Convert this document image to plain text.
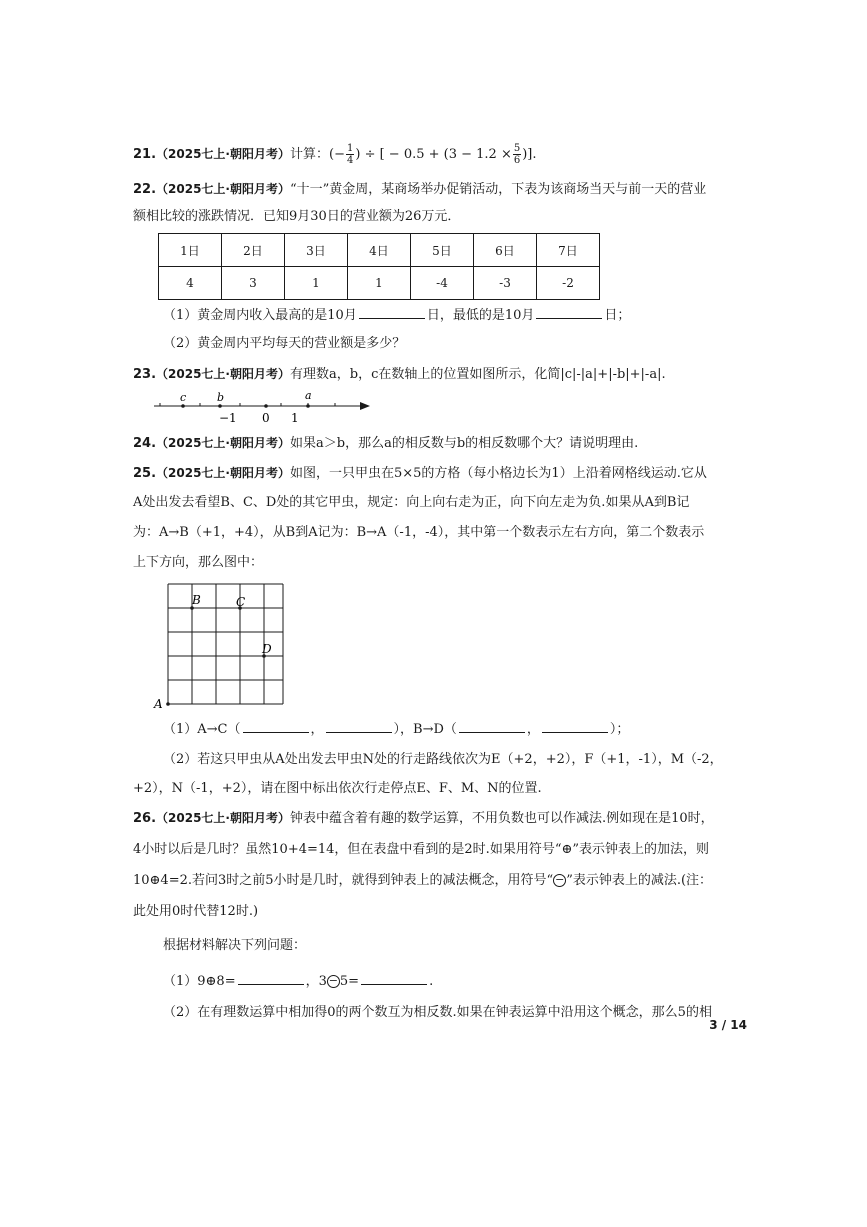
21.（2025七上·朝阳月考）计算：(− $\frac{1}{4}$ ) ÷ [ − $0.5 + (3 - 1.2 \times \frac{5}{6}$ )].
22.（2025七上·朝阳月考）“十一”黄金周，某商场举办促销活动，下表为该商场当天与前一天的营业
额相比较的涨跌情况．已知9月30日的营业额为26万元．
1日	2日	3日	4日	5日	6日	7日
4	3	1	1	-4	-3	-2
（1）黄金周内收入最高的是10月	日，最低的是10月	日；
（2）黄金周内平均每天的营业额是多少？
23.（2025七上·朝阳月考）有理数a，b，c在数轴上的位置如图所示，化简|c|-|a|+|-b|+|-a|.
c	b	a
−1 0 1
24.（2025七上·朝阳月考）如果a＞b，那么a的相反数与b的相反数哪个大？请说明理由.
25.（2025七上·朝阳月考）如图，一只甲虫在5×5的方格（每小格边长为1）上沿着网格线运动.它从
A处出发去看望B、C、D处的其它甲虫，规定：向上向右走为正，向下向左走为负.如果从A到B记
为：A→B（+1，+4），从B到A记为：B→A（-1，-4），其中第一个数表示左右方向，第二个数表示
上下方向，那么图中：
B	C
D
A
（1）A→C（	，	），B→D（	，	）；
（2）若这只甲虫从A处出发去甲虫N处的行走路线依次为E（+2，+2），F（+1，-1），M（-2，
+2），N（-1，+2），请在图中标出依次行走停点E、F、M、N的位置.
26.（2025七上·朝阳月考）钟表中蕴含着有趣的数学运算，不用负数也可以作减法.例如现在是10时，
4小时以后是几时？虽然10+4=14，但在表盘中看到的是2时.如果用符号“⊕”表示钟表上的加法，则
10⊕4=2.若问3时之前5小时是几时，就得到钟表上的减法概念，用符号“ − ”表示钟表上的减法.(注：
此处用0时代替12时.)
根据材料解决下列问题：
（1）9⊕8=	，3 − 5=	.
（2）在有理数运算中相加得0的两个数互为相反数.如果在钟表运算中沿用这个概念，那么5的相
3 / 14
